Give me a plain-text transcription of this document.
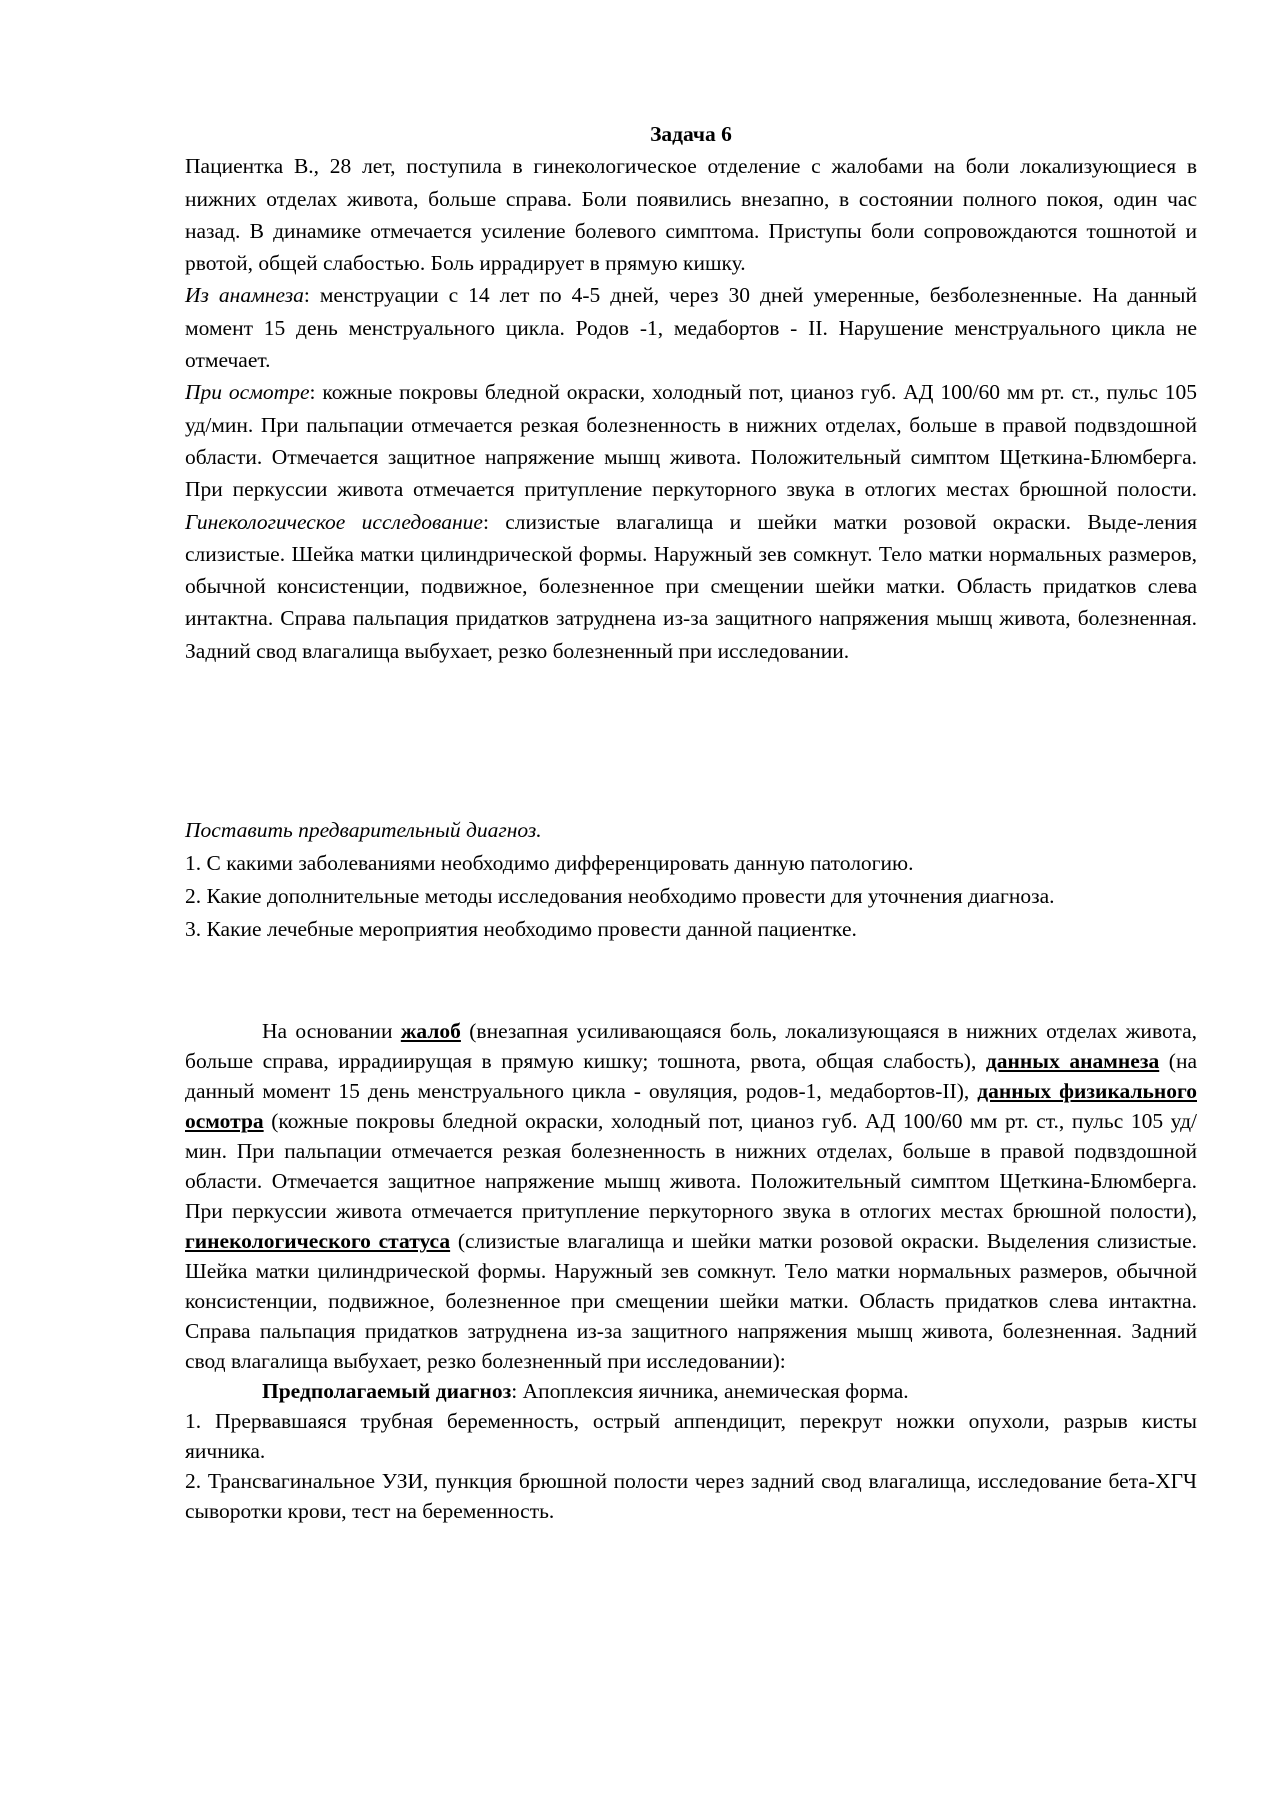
Задача 6

Пациентка В., 28 лет, поступила в гинекологическое отделение с жалобами на боли локализующиеся в нижних отделах живота, больше справа. Боли появились внезапно, в состоянии полного покоя, один час назад. В динамике отмечается усиление болевого симптома. Приступы боли сопровождаются тошнотой и рвотой, общей слабостью. Боль иррадирует в прямую кишку.

Из анамнеза: менструации с 14 лет по 4-5 дней, через 30 дней умеренные, безболезненные. На данный момент 15 день менструального цикла. Родов -1, медабортов - II. Нарушение менструального цикла не отмечает.

При осмотре: кожные покровы бледной окраски, холодный пот, цианоз губ. АД 100/60 мм рт. ст., пульс 105 уд/мин. При пальпации отмечается резкая болезненность в нижних отделах, больше в правой подвздошной области. Отмечается защитное напряжение мышц живота. Положительный симптом Щеткина-Блюмберга. При перкуссии живота отмечается притупление перкуторного звука в отлогих местах брюшной полости. Гинекологическое исследование: слизистые влагалища и шейки матки розовой окраски. Выде-ления слизистые. Шейка матки цилиндрической формы. Наружный зев сомкнут. Тело матки нормальных размеров, обычной консистенции, подвижное, болезненное при смещении шейки матки. Область придатков слева интактна. Справа пальпация придатков затруднена из-за защитного напряжения мышц живота, болезненная. Задний свод влагалища выбухает, резко болезненный при исследовании.

Поставить предварительный диагноз.

1. С какими заболеваниями необходимо дифференцировать данную патологию.

2. Какие дополнительные методы исследования необходимо провести для уточнения диагноза.

3. Какие лечебные мероприятия необходимо провести данной пациентке.

На основании жалоб (внезапная усиливающаяся боль, локализующаяся в нижних отделах живота, больше справа, иррадиирущая в прямую кишку; тошнота, рвота, общая слабость), данных анамнеза (на данный момент 15 день менструального цикла - овуляция, родов-1, медабортов-II), данных физикального осмотра (кожные покровы бледной окраски, холодный пот, цианоз губ. АД 100/60 мм рт. ст., пульс 105 уд/мин. При пальпации отмечается резкая болезненность в нижних отделах, больше в правой подвздошной области. Отмечается защитное напряжение мышц живота. Положительный симптом Щеткина-Блюмберга. При перкуссии живота отмечается притупление перкуторного звука в отлогих местах брюшной полости), гинекологического статуса (слизистые влагалища и шейки матки розовой окраски. Выделения слизистые. Шейка матки цилиндрической формы. Наружный зев сомкнут. Тело матки нормальных размеров, обычной консистенции, подвижное, болезненное при смещении шейки матки. Область придатков слева интактна. Справа пальпация придатков затруднена из-за защитного напряжения мышц живота, болезненная. Задний свод влагалища выбухает, резко болезненный при исследовании):

Предполагаемый диагноз: Апоплексия яичника, анемическая форма.

1. Прервавшаяся трубная беременность, острый аппендицит, перекрут ножки опухоли, разрыв кисты яичника.

2. Трансвагинальное УЗИ, пункция брюшной полости через задний свод влагалища, исследование бета-ХГЧ сыворотки крови, тест на беременность.
